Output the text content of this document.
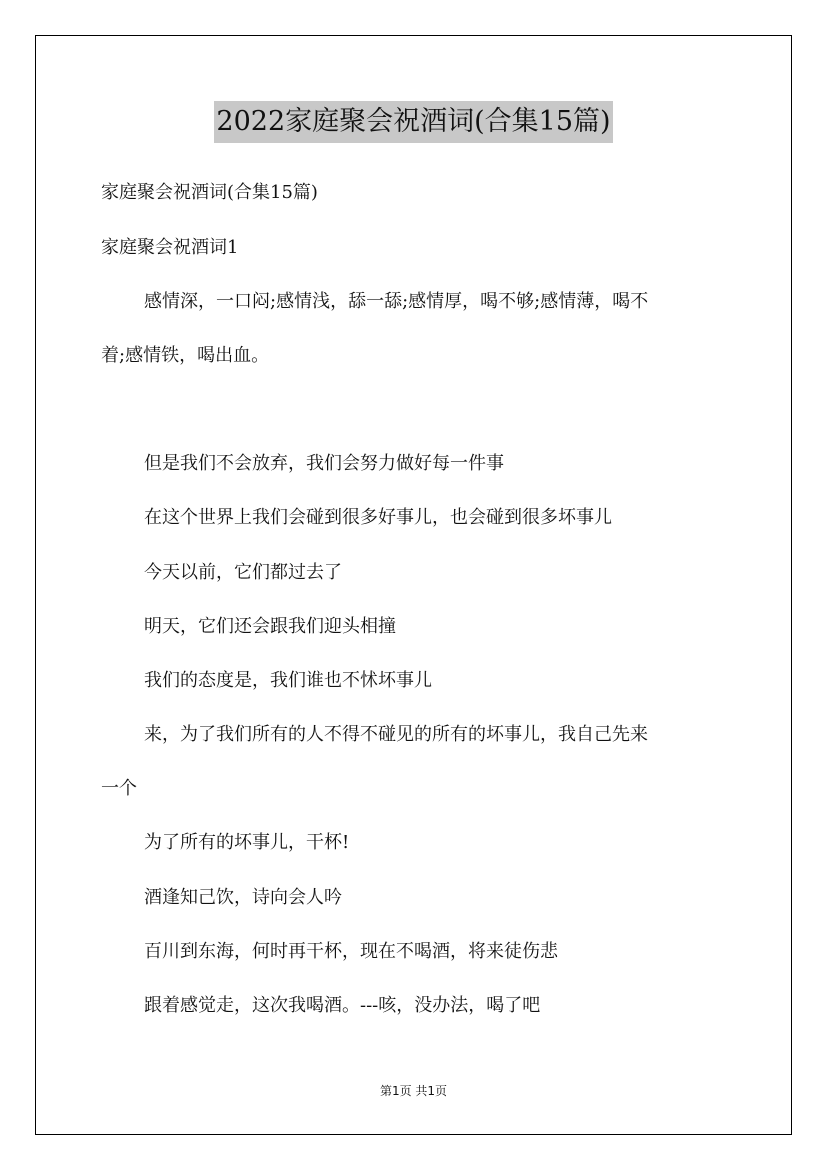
2022家庭聚会祝酒词(合集15篇)
家庭聚会祝酒词(合集15篇)
家庭聚会祝酒词1
感情深，一口闷;感情浅，舔一舔;感情厚，喝不够;感情薄，喝不
着;感情铁，喝出血。
但是我们不会放弃，我们会努力做好每一件事
在这个世界上我们会碰到很多好事儿，也会碰到很多坏事儿
今天以前，它们都过去了
明天，它们还会跟我们迎头相撞
我们的态度是，我们谁也不怵坏事儿
来，为了我们所有的人不得不碰见的所有的坏事儿，我自己先来
一个
为了所有的坏事儿，干杯!
酒逢知己饮，诗向会人吟
百川到东海，何时再干杯，现在不喝酒，将来徒伤悲
跟着感觉走，这次我喝酒。---咳，没办法，喝了吧
第1页 共1页
